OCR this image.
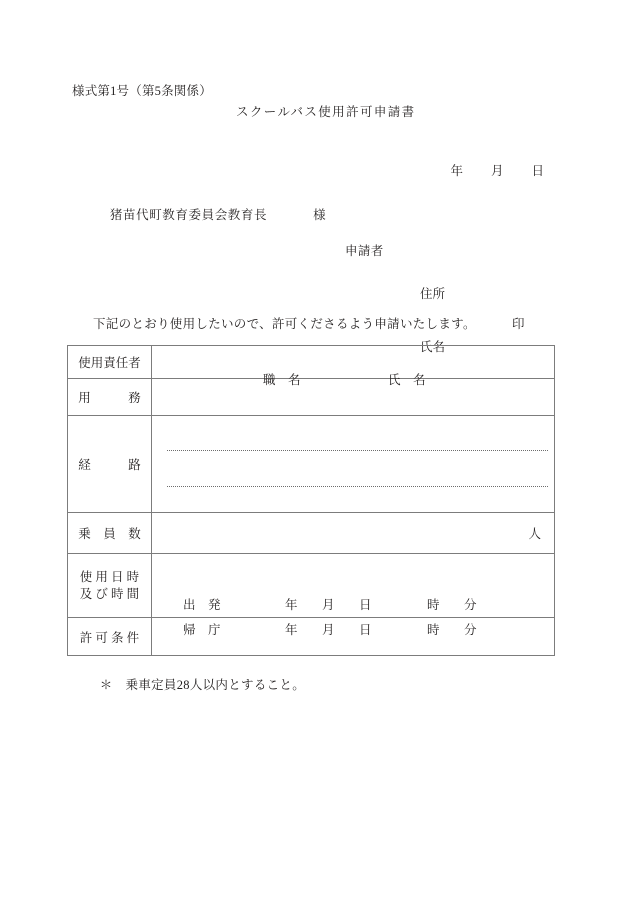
様式第1号（第5条関係）
スクールバス使用許可申請書

年 月 日

猪苗代町教育委員会教育長	様

申請者

住所

氏名

印

下記のとおり使用したいので、許可くださるよう申請いたします。
使用責任者	職　名 氏　名

用　　　務	
経　　　路	

乗　員　数	人

使 用 日 時
及 び 時 間

出　発	年 月 日	時 分
帰　庁	年 月 日	時 分

許 可 条 件	

＊ 乗車定員28人以内とすること。
